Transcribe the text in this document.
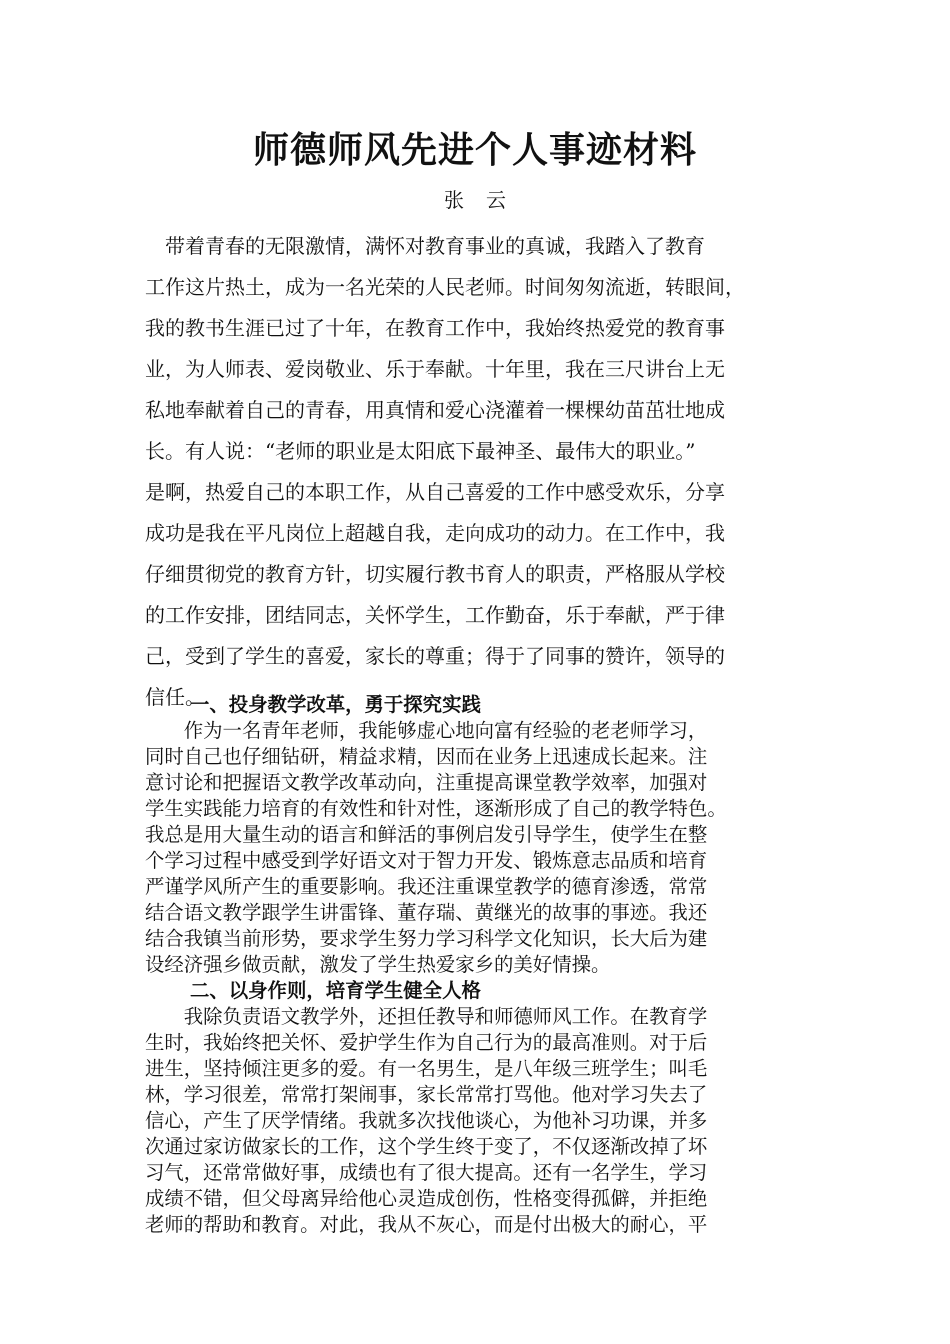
师德师风先进个人事迹材料
张云
　带着青春的无限激情，满怀对教育事业的真诚，我踏入了教育
工作这片热土，成为一名光荣的人民老师。时间匆匆流逝，转眼间，
我的教书生涯已过了十年，在教育工作中，我始终热爱党的教育事
业，为人师表、爱岗敬业、乐于奉献。十年里，我在三尺讲台上无
私地奉献着自己的青春，用真情和爱心浇灌着一棵棵幼苗茁壮地成
长。有人说：“老师的职业是太阳底下最神圣、最伟大的职业。”
是啊，热爱自己的本职工作，从自己喜爱的工作中感受欢乐，分享
成功是我在平凡岗位上超越自我，走向成功的动力。在工作中，我
仔细贯彻党的教育方针，切实履行教书育人的职责，严格服从学校
的工作安排，团结同志，关怀学生，工作勤奋，乐于奉献，严于律
己，受到了学生的喜爱，家长的尊重；得于了同事的赞许，领导的
信任。
一、投身教学改革，勇于探究实践
　　作为一名青年老师，我能够虚心地向富有经验的老老师学习，
同时自己也仔细钻研，精益求精，因而在业务上迅速成长起来。注
意讨论和把握语文教学改革动向，注重提高课堂教学效率，加强对
学生实践能力培育的有效性和针对性，逐渐形成了自己的教学特色。
我总是用大量生动的语言和鲜活的事例启发引导学生，使学生在整
个学习过程中感受到学好语文对于智力开发、锻炼意志品质和培育
严谨学风所产生的重要影响。我还注重课堂教学的德育渗透，常常
结合语文教学跟学生讲雷锋、董存瑞、黄继光的故事的事迹。我还
结合我镇当前形势，要求学生努力学习科学文化知识，长大后为建
设经济强乡做贡献，激发了学生热爱家乡的美好情操。
二、以身作则，培育学生健全人格
　　我除负责语文教学外，还担任教导和师德师风工作。在教育学
生时，我始终把关怀、爱护学生作为自己行为的最高准则。对于后
进生，坚持倾注更多的爱。有一名男生，是八年级三班学生；叫毛
林，学习很差，常常打架闹事，家长常常打骂他。他对学习失去了
信心，产生了厌学情绪。我就多次找他谈心，为他补习功课，并多
次通过家访做家长的工作，这个学生终于变了，不仅逐渐改掉了坏
习气，还常常做好事，成绩也有了很大提高。还有一名学生，学习
成绩不错，但父母离异给他心灵造成创伤，性格变得孤僻，并拒绝
老师的帮助和教育。对此，我从不灰心，而是付出极大的耐心，平
